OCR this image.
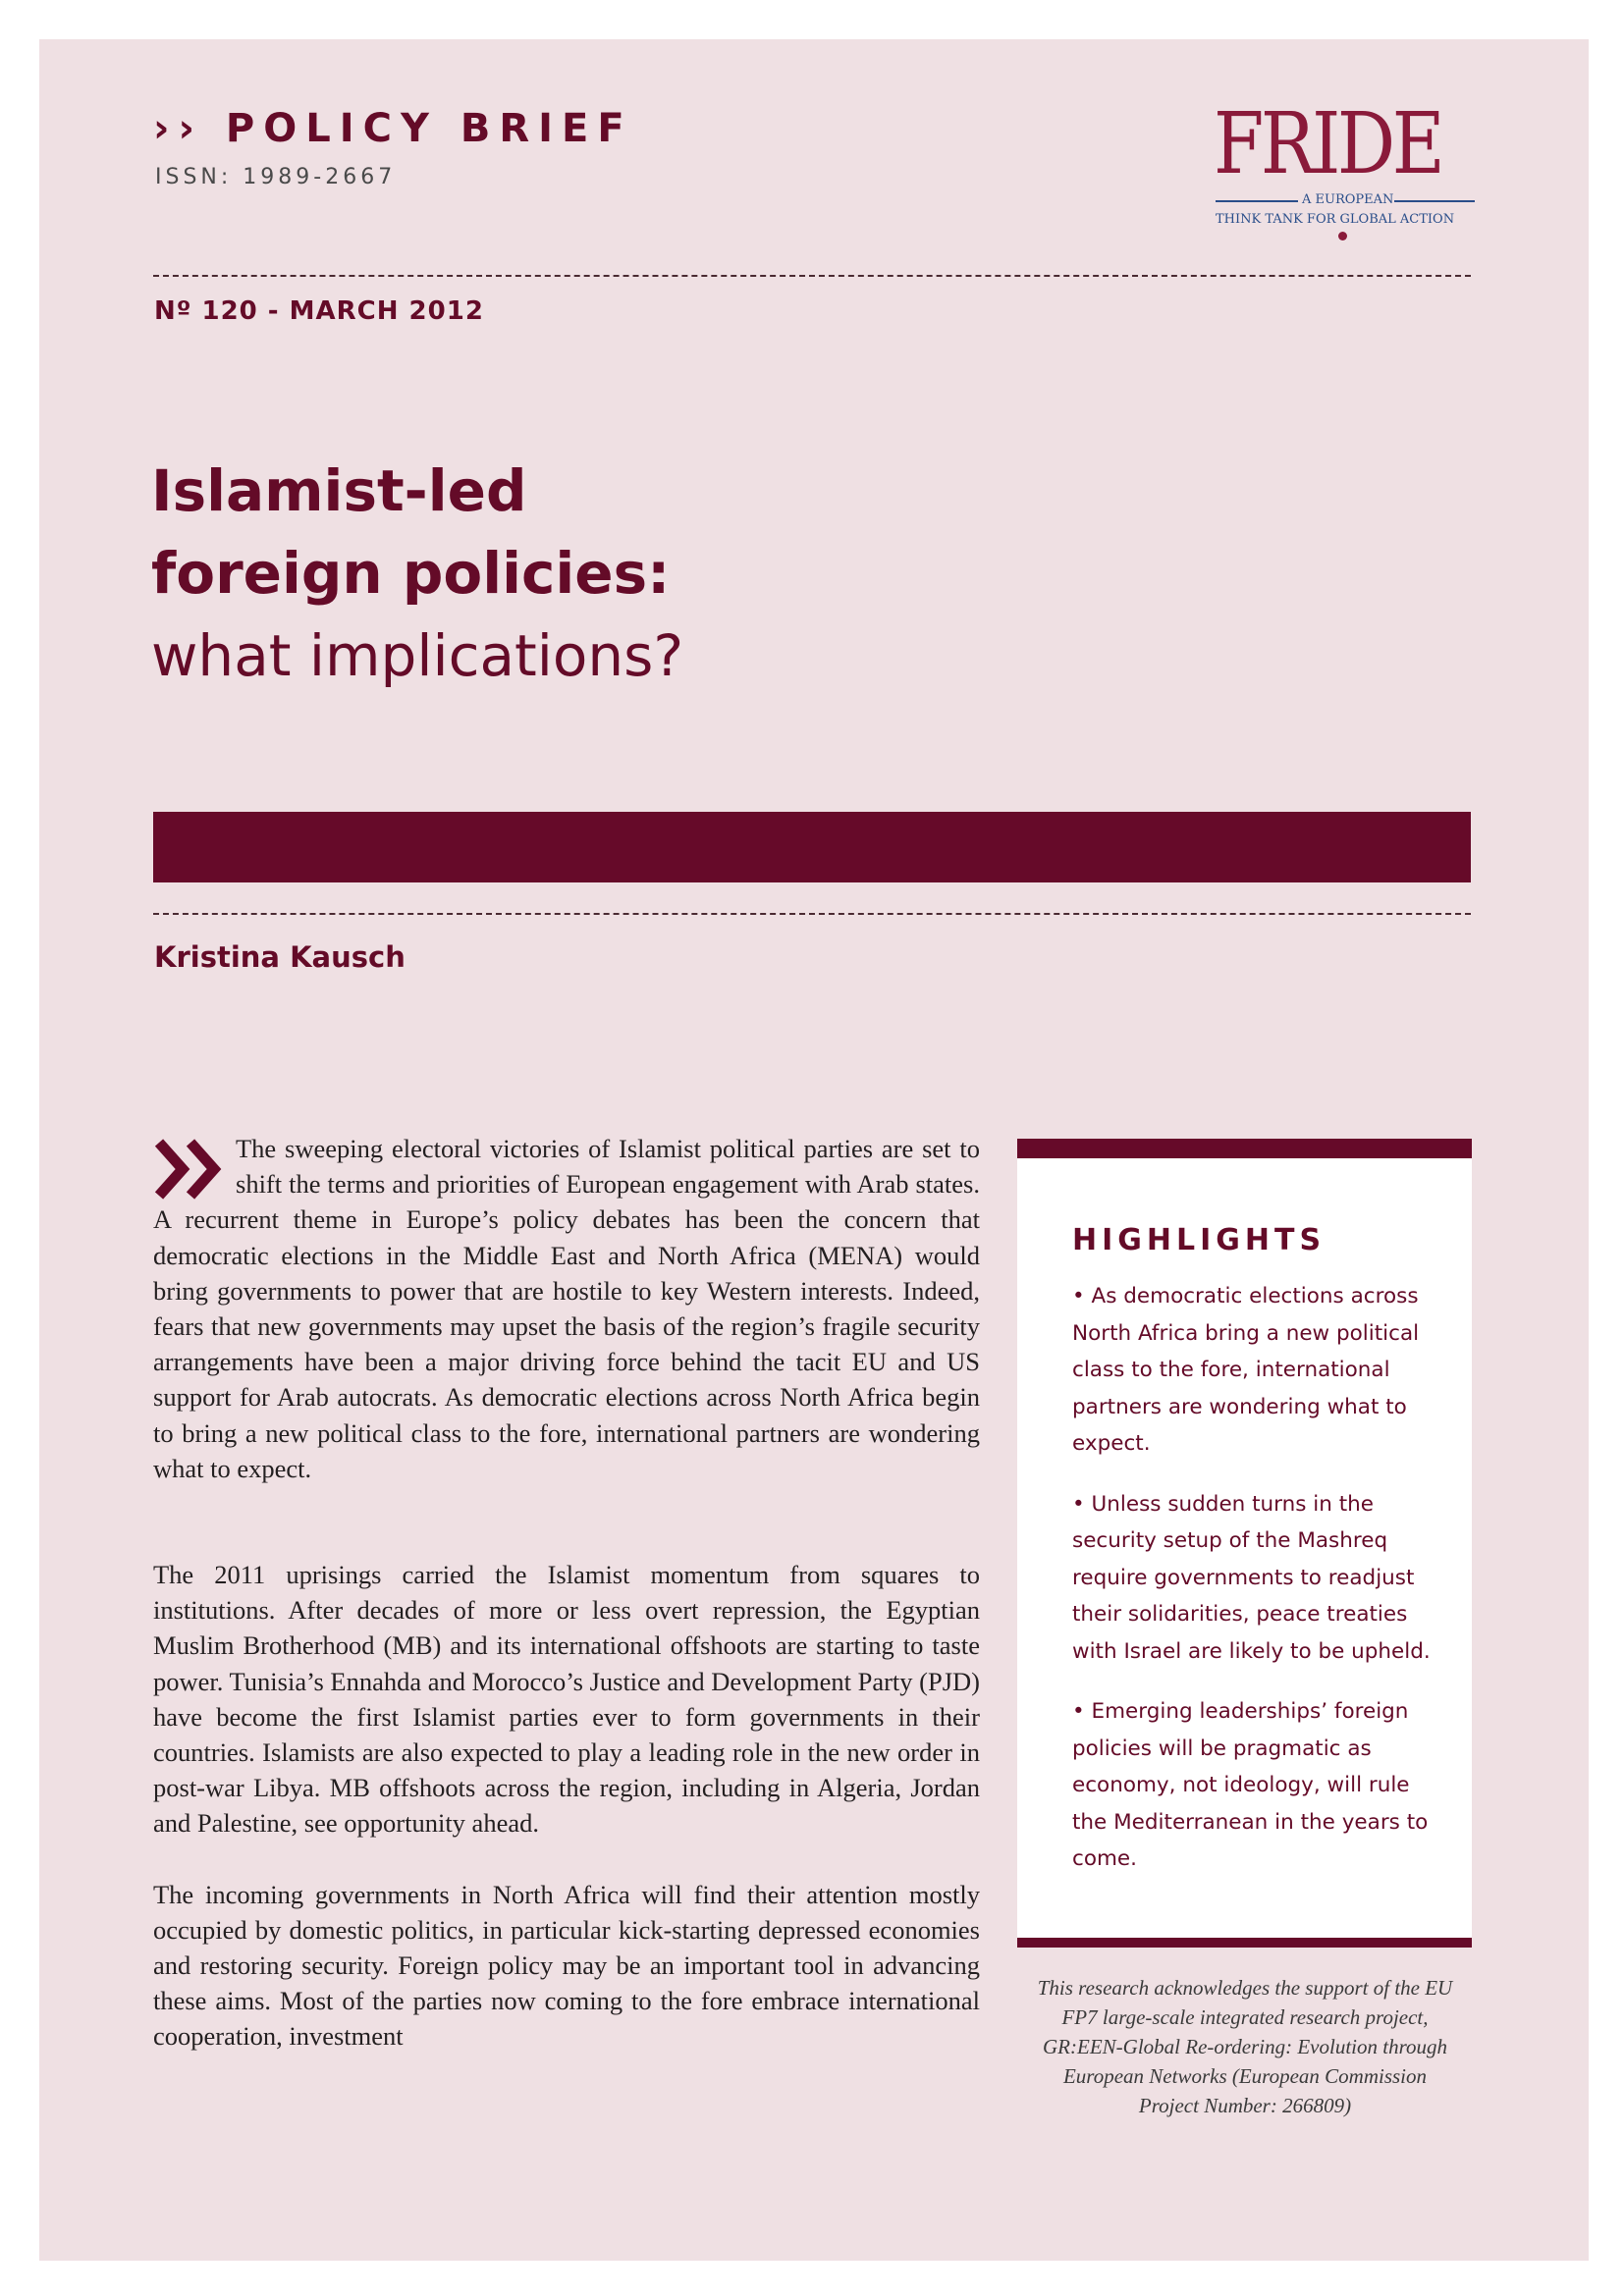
›› POLICY BRIEF
ISSN: 1989-2667	FRIDE
A EUROPEAN
THINK TANK FOR GLOBAL ACTION
Nº 120 - MARCH 2012
Islamist-led
foreign policies:
what implications?
Kristina Kausch

The sweeping electoral victories of Islamist political parties are set to shift the terms and priorities of European engagement with Arab states. A recurrent theme in Europe’s policy debates has been the concern that democratic elections in the Middle East and North Africa (MENA) would bring governments to power that are hostile to key Western interests. Indeed, fears that new governments may upset the basis of the region’s fragile security arrangements have been a major driving force behind the tacit EU and US support for Arab autocrats. As democratic elections across North Africa begin to bring a new political class to the fore, international partners are wondering what to expect.

The 2011 uprisings carried the Islamist momentum from squares to institutions. After decades of more or less overt repression, the Egyptian Muslim Brotherhood (MB) and its international offshoots are starting to taste power. Tunisia’s Ennahda and Morocco’s Justice and Development Party (PJD) have become the first Islamist parties ever to form governments in their countries. Islamists are also expected to play a leading role in the new order in post-war Libya. MB offshoots across the region, including in Algeria, Jordan and Palestine, see opportunity ahead.

The incoming governments in North Africa will find their attention mostly occupied by domestic politics, in particular kick-starting depressed economies and restoring security. Foreign policy may be an important tool in advancing these aims. Most of the parties now coming to the fore embrace international cooperation, investment

HIGHLIGHTS
• As democratic elections across North Africa bring a new political class to the fore, international partners are wondering what to expect.
• Unless sudden turns in the security setup of the Mashreq require governments to readjust their solidarities, peace treaties with Israel are likely to be upheld.
• Emerging leaderships’ foreign policies will be pragmatic as economy, not ideology, will rule the Mediterranean in the years to come.
This research acknowledges the support of the EU FP7 large-scale integrated research project, GR:EEN-Global Re-ordering: Evolution through European Networks (European Commission Project Number: 266809)
